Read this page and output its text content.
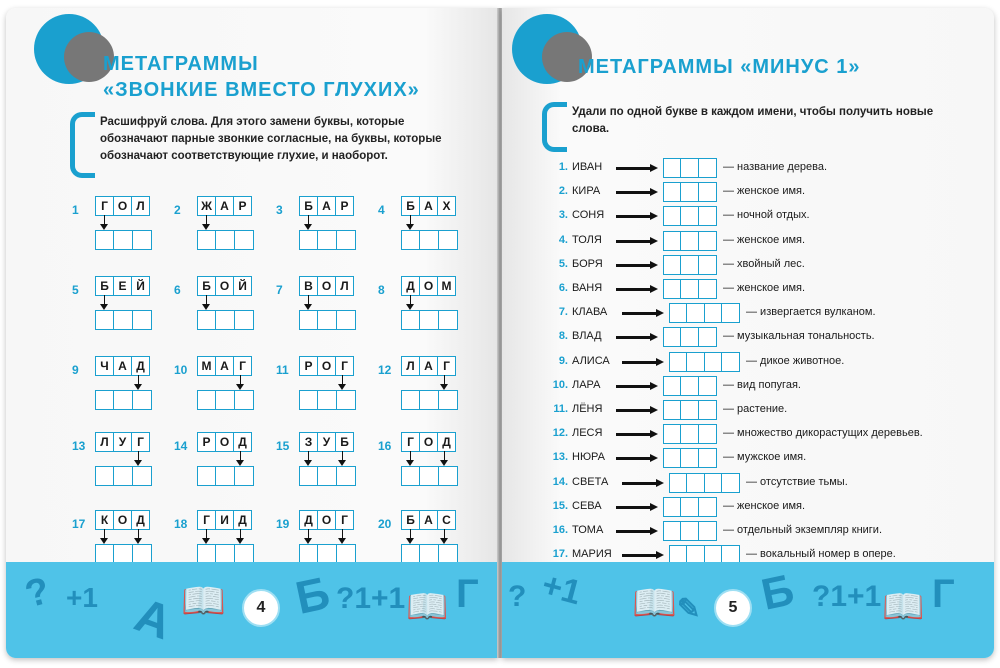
МЕТАГРАММЫ
«ЗВОНКИЕ ВМЕСТО ГЛУХИХ»
Расшифруй слова. Для этого замени буквы, которые обозначают парные звонкие согласные, на буквы, которые обозначают соответствующие глухие, и наоборот.
1	Г О Л	2	Ж А Р	3	Б А Р	4	Б А Х
5	Б Е Й	6	Б О Й	7	В О Л	8	Д О М
9	Ч А Д	10	М А Г	11	Р О Г	12	Л А Г
13	Л У Г	14	Р О Д	15	З У Б	16	Г О Д
17	К О Д	18	Г И Д	19	Д О Г	20	Б А С
? +1 А 📖 Б ?1+1 📖 Г
4
МЕТАГРАММЫ «МИНУС 1»
Удали по одной букве в каждом имени, чтобы получить новые слова.
1. ИВАН	— название дерева.
2. КИРА	— женское имя.
3. СОНЯ	— ночной отдых.
4. ТОЛЯ	— женское имя.
5. БОРЯ	— хвойный лес.
6. ВАНЯ	— женское имя.
7. КЛАВА	— извергается вулканом.
8. ВЛАД	— музыкальная тональность.
9. АЛИСА	— дикое животное.
10. ЛАРА	— вид попугая.
11. ЛЁНЯ	— растение.
12. ЛЕСЯ	— множество дикорастущих деревьев.
13. НЮРА	— мужское имя.
14. СВЕТА	— отсутствие тьмы.
15. СЕВА	— женское имя.
16. ТОМА	— отдельный экземпляр книги.
17. МАРИЯ	— вокальный номер в опере.
? +1 📖 ✎ Б ?1+1 📖 Г
5
